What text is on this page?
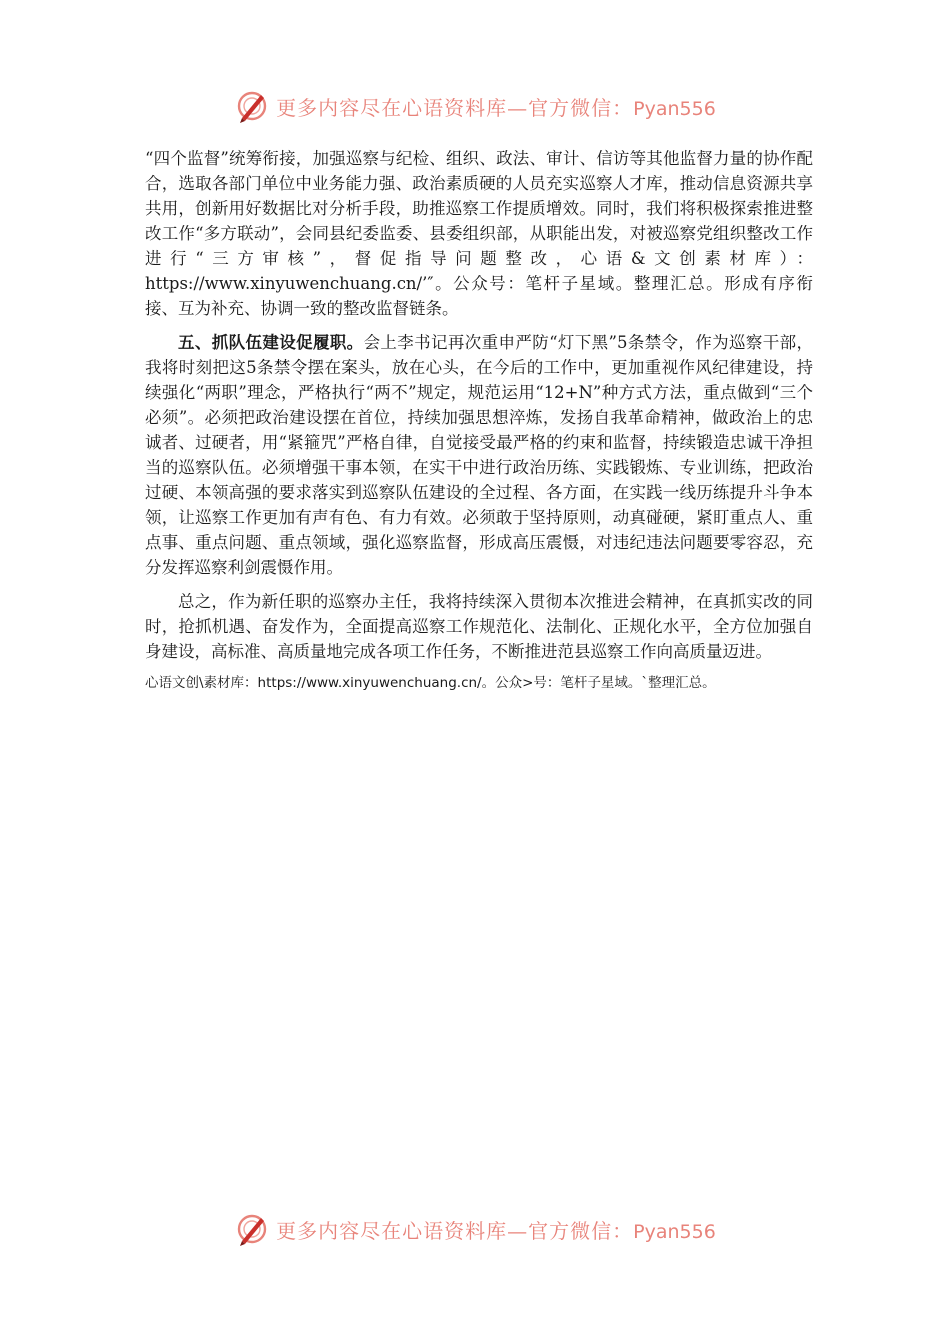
更多内容尽在心语资料库—官方微信：Pyan556

“四个监督”统筹衔接，加强巡察与纪检、组织、政法、审计、信访等其他监督力量的协作配合，选取各部门单位中业务能力强、政治素质硬的人员充实巡察人才库，推动信息资源共享共用，创新用好数据比对分析手段，助推巡察工作提质增效。同时，我们将积极探索推进整改工作“多方联动”，会同县纪委监委、县委组织部，从职能出发，对被巡察党组织整改工作进行“三方审核”，督促指导问题整改，心语&文创素材库）：https://www.xinyuwenchuang.cn/’″。公众号：笔杆子星域。整理汇总。形成有序衔接、互为补充、协调一致的整改监督链条。

五、抓队伍建设促履职。会上李书记再次重申严防“灯下黑”5条禁令，作为巡察干部，我将时刻把这5条禁令摆在案头，放在心头，在今后的工作中，更加重视作风纪律建设，持续强化“两职”理念，严格执行“两不”规定，规范运用“12+N”种方式方法，重点做到“三个必须”。必须把政治建设摆在首位，持续加强思想淬炼，发扬自我革命精神，做政治上的忠诚者、过硬者，用“紧箍咒”严格自律，自觉接受最严格的约束和监督，持续锻造忠诚干净担当的巡察队伍。必须增强干事本领，在实干中进行政治历练、实践锻炼、专业训练，把政治过硬、本领高强的要求落实到巡察队伍建设的全过程、各方面，在实践一线历练提升斗争本领，让巡察工作更加有声有色、有力有效。必须敢于坚持原则，动真碰硬，紧盯重点人、重点事、重点问题、重点领域，强化巡察监督，形成高压震慑，对违纪违法问题要零容忍，充分发挥巡察利剑震慑作用。

总之，作为新任职的巡察办主任，我将持续深入贯彻本次推进会精神，在真抓实改的同时，抢抓机遇、奋发作为，全面提高巡察工作规范化、法制化、正规化水平，全方位加强自身建设，高标准、高质量地完成各项工作任务，不断推进范县巡察工作向高质量迈进。

心语文创\素材库：https://www.xinyuwenchuang.cn/。公众>号：笔杆子星域。`整理汇总。
更多内容尽在心语资料库—官方微信：Pyan556
